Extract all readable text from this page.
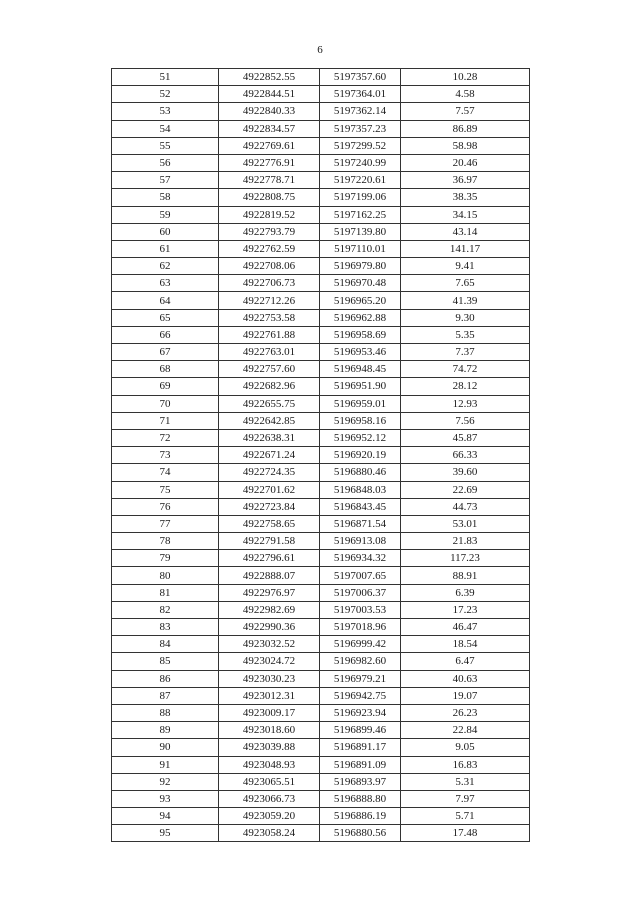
6
51	4922852.55	5197357.60	10.28
52	4922844.51	5197364.01	4.58
53	4922840.33	5197362.14	7.57
54	4922834.57	5197357.23	86.89
55	4922769.61	5197299.52	58.98
56	4922776.91	5197240.99	20.46
57	4922778.71	5197220.61	36.97
58	4922808.75	5197199.06	38.35
59	4922819.52	5197162.25	34.15
60	4922793.79	5197139.80	43.14
61	4922762.59	5197110.01	141.17
62	4922708.06	5196979.80	9.41
63	4922706.73	5196970.48	7.65
64	4922712.26	5196965.20	41.39
65	4922753.58	5196962.88	9.30
66	4922761.88	5196958.69	5.35
67	4922763.01	5196953.46	7.37
68	4922757.60	5196948.45	74.72
69	4922682.96	5196951.90	28.12
70	4922655.75	5196959.01	12.93
71	4922642.85	5196958.16	7.56
72	4922638.31	5196952.12	45.87
73	4922671.24	5196920.19	66.33
74	4922724.35	5196880.46	39.60
75	4922701.62	5196848.03	22.69
76	4922723.84	5196843.45	44.73
77	4922758.65	5196871.54	53.01
78	4922791.58	5196913.08	21.83
79	4922796.61	5196934.32	117.23
80	4922888.07	5197007.65	88.91
81	4922976.97	5197006.37	6.39
82	4922982.69	5197003.53	17.23
83	4922990.36	5197018.96	46.47
84	4923032.52	5196999.42	18.54
85	4923024.72	5196982.60	6.47
86	4923030.23	5196979.21	40.63
87	4923012.31	5196942.75	19.07
88	4923009.17	5196923.94	26.23
89	4923018.60	5196899.46	22.84
90	4923039.88	5196891.17	9.05
91	4923048.93	5196891.09	16.83
92	4923065.51	5196893.97	5.31
93	4923066.73	5196888.80	7.97
94	4923059.20	5196886.19	5.71
95	4923058.24	5196880.56	17.48
